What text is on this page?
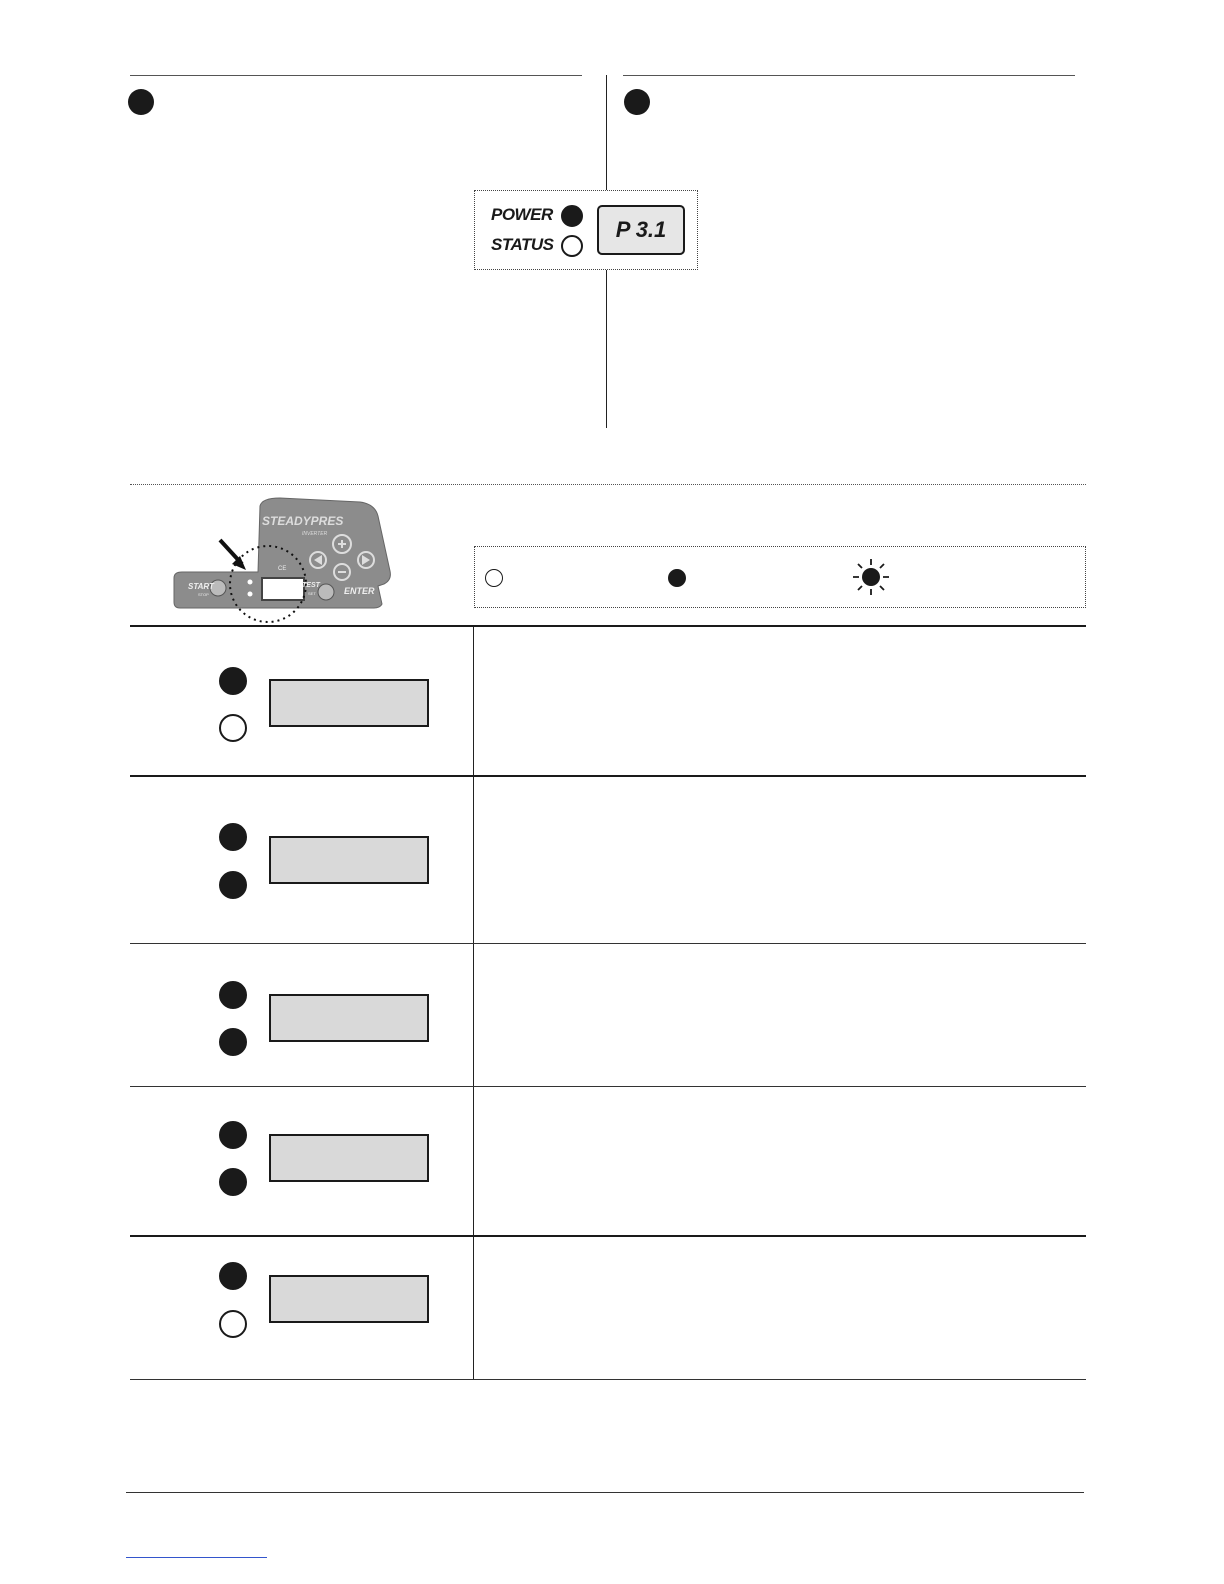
POWER
STATUS
P 3.1
STEADYPRES
INVERTER
START
STOP
TEST
SET	ENTER
CE
